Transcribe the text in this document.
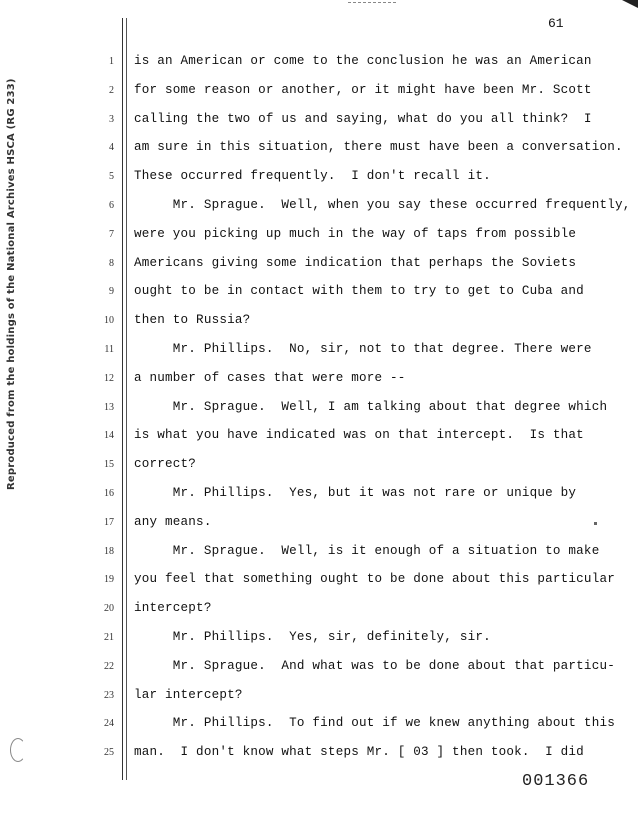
61
Reproduced from the holdings of the National Archives HSCA (RG 233)
1 is an American or come to the conclusion he was an American
2 for some reason or another, or it might have been Mr. Scott
3 calling the two of us and saying, what do you all think?  I
4 am sure in this situation, there must have been a conversation.
5 These occurred frequently.  I don't recall it.
6 Mr. Sprague.  Well, when you say these occurred frequently,
7 were you picking up much in the way of taps from possible
8 Americans giving some indication that perhaps the Soviets
9 ought to be in contact with them to try to get to Cuba and
10 then to Russia?
11 Mr. Phillips.  No, sir, not to that degree. There were
12 a number of cases that were more --
13 Mr. Sprague.  Well, I am talking about that degree which
14 is what you have indicated was on that intercept.  Is that
15 correct?
16 Mr. Phillips.  Yes, but it was not rare or unique by
17 any means.
18 Mr. Sprague.  Well, is it enough of a situation to make
19 you feel that something ought to be done about this particular
20 intercept?
21 Mr. Phillips.  Yes, sir, definitely, sir.
22 Mr. Sprague.  And what was to be done about that particu-
23 lar intercept?
24 Mr. Phillips.  To find out if we knew anything about this
25 man.  I don't know what steps Mr. [ 03 ] then took.  I did
001366
